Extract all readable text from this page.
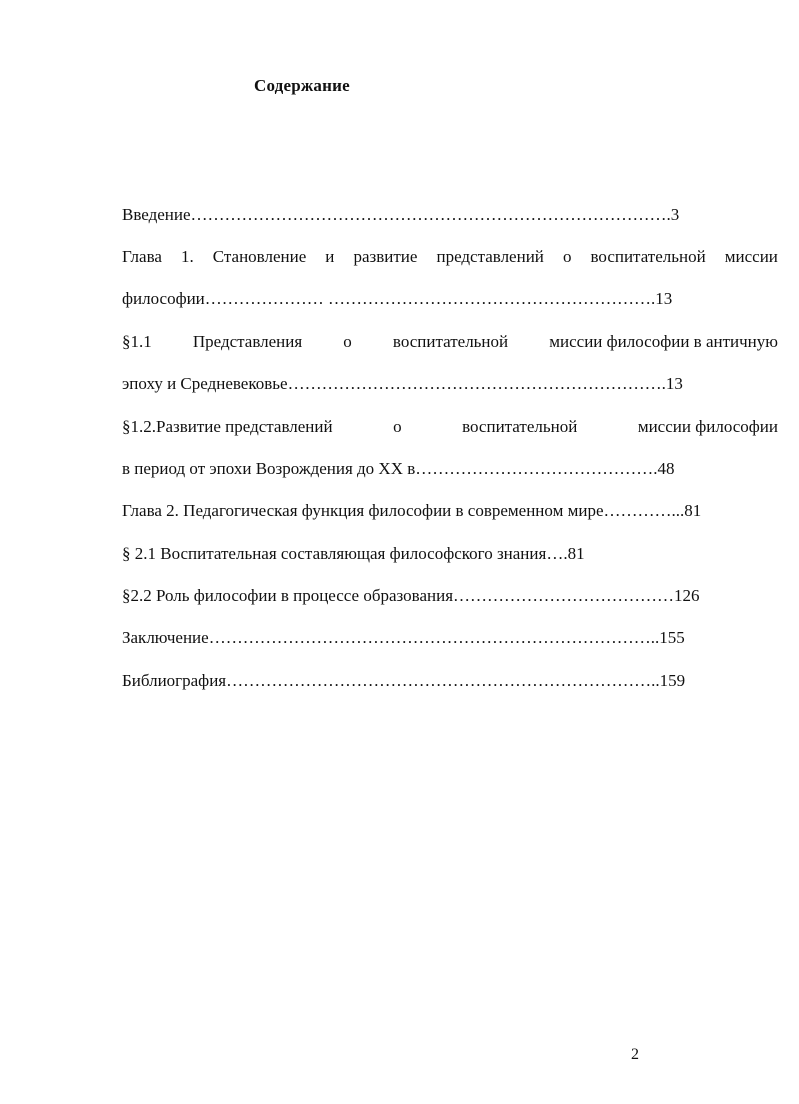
Содержание
Введение………………………………………………………………………….3
Глава 1. Становление и развитие представлений о воспитательной миссии
философии………………… ………………………………………………….13
§1.1 Представления о воспитательной миссии философии в античную
эпоху и Средневековье………………………………………………………….13
§1.2.Развитие представлений	о	воспитательной	миссии философии
в период от эпохи Возрождения до XX в…………………………………….48
Глава 2. Педагогическая функция философии в современном мире…………...81
§ 2.1 Воспитательная составляющая философского знания….81
§2.2 Роль философии в процессе образования…………………………………126
Заключение……………………………………………………………………..155
Библиография…………………………………………………………………..159
2
